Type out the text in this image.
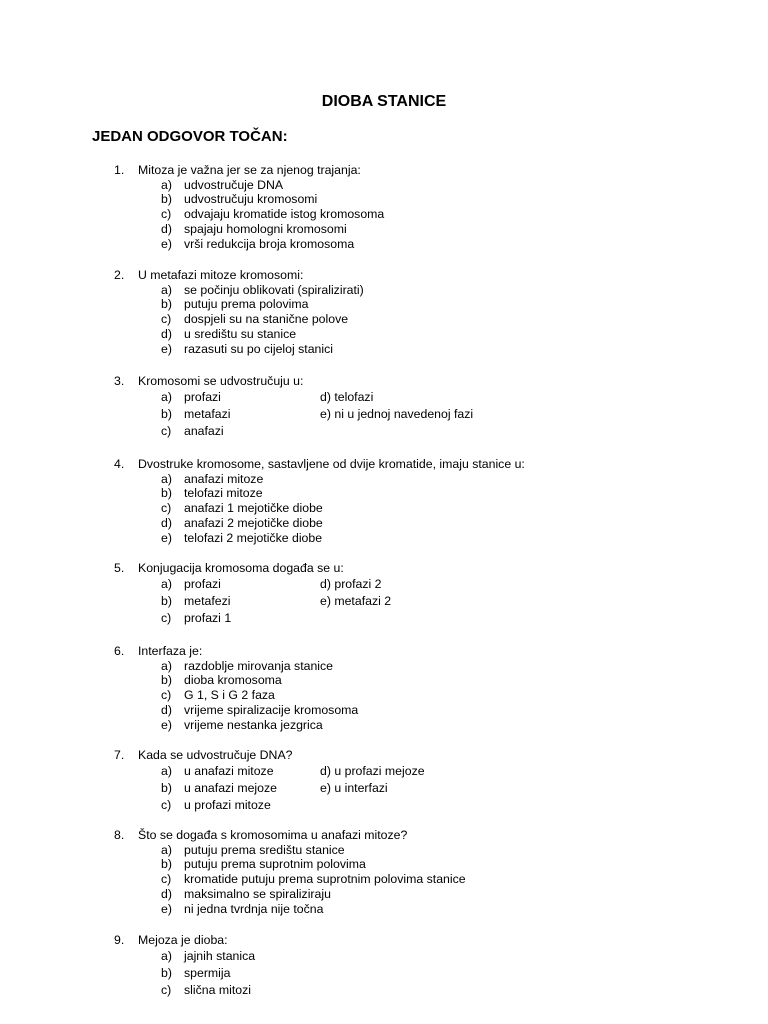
DIOBA STANICE
JEDAN ODGOVOR TOČAN:
1. Mitoza je važna jer se za njenog trajanja:
a) udvostručuje DNA
b) udvostručuju kromosomi
c) odvajaju kromatide istog kromosoma
d) spajaju homologni kromosomi
e) vrši redukcija broja kromosoma
2. U metafazi mitoze kromosomi:
a) se počinju oblikovati (spiralizirati)
b) putuju prema polovima
c) dospjeli su na stanične polove
d) u središtu su stanice
e) razasuti su po cijeloj stanici
3. Kromosomi se udvostručuju u:
a) profazi
b) metafazi
c) anafazi
d) telofazi
e) ni u jednoj navedenoj fazi
4. Dvostruke kromosome, sastavljene od dvije kromatide, imaju stanice u:
a) anafazi mitoze
b) telofazi mitoze
c) anafazi 1 mejotičke diobe
d) anafazi 2 mejotičke diobe
e) telofazi 2 mejotičke diobe
5. Konjugacija kromosoma događa se u:
a) profazi
b) metafezi
c) profazi 1
d) profazi 2
e) metafazi 2
6. Interfaza je:
a) razdoblje mirovanja stanice
b) dioba kromosoma
c) G 1, S i G 2 faza
d) vrijeme spiralizacije kromosoma
e) vrijeme nestanka jezgrica
7. Kada se udvostručuje DNA?
a) u anafazi mitoze
b) u anafazi mejoze
c) u profazi mitoze
d) u profazi mejoze
e) u interfazi
8. Što se događa s kromosomima u anafazi mitoze?
a) putuju prema središtu stanice
b) putuju prema suprotnim polovima
c) kromatide putuju prema suprotnim polovima stanice
d) maksimalno se spiraliziraju
e) ni jedna tvrdnja nije točna
9. Mejoza je dioba:
a) jajnih stanica
b) spermija
c) slična mitozi
